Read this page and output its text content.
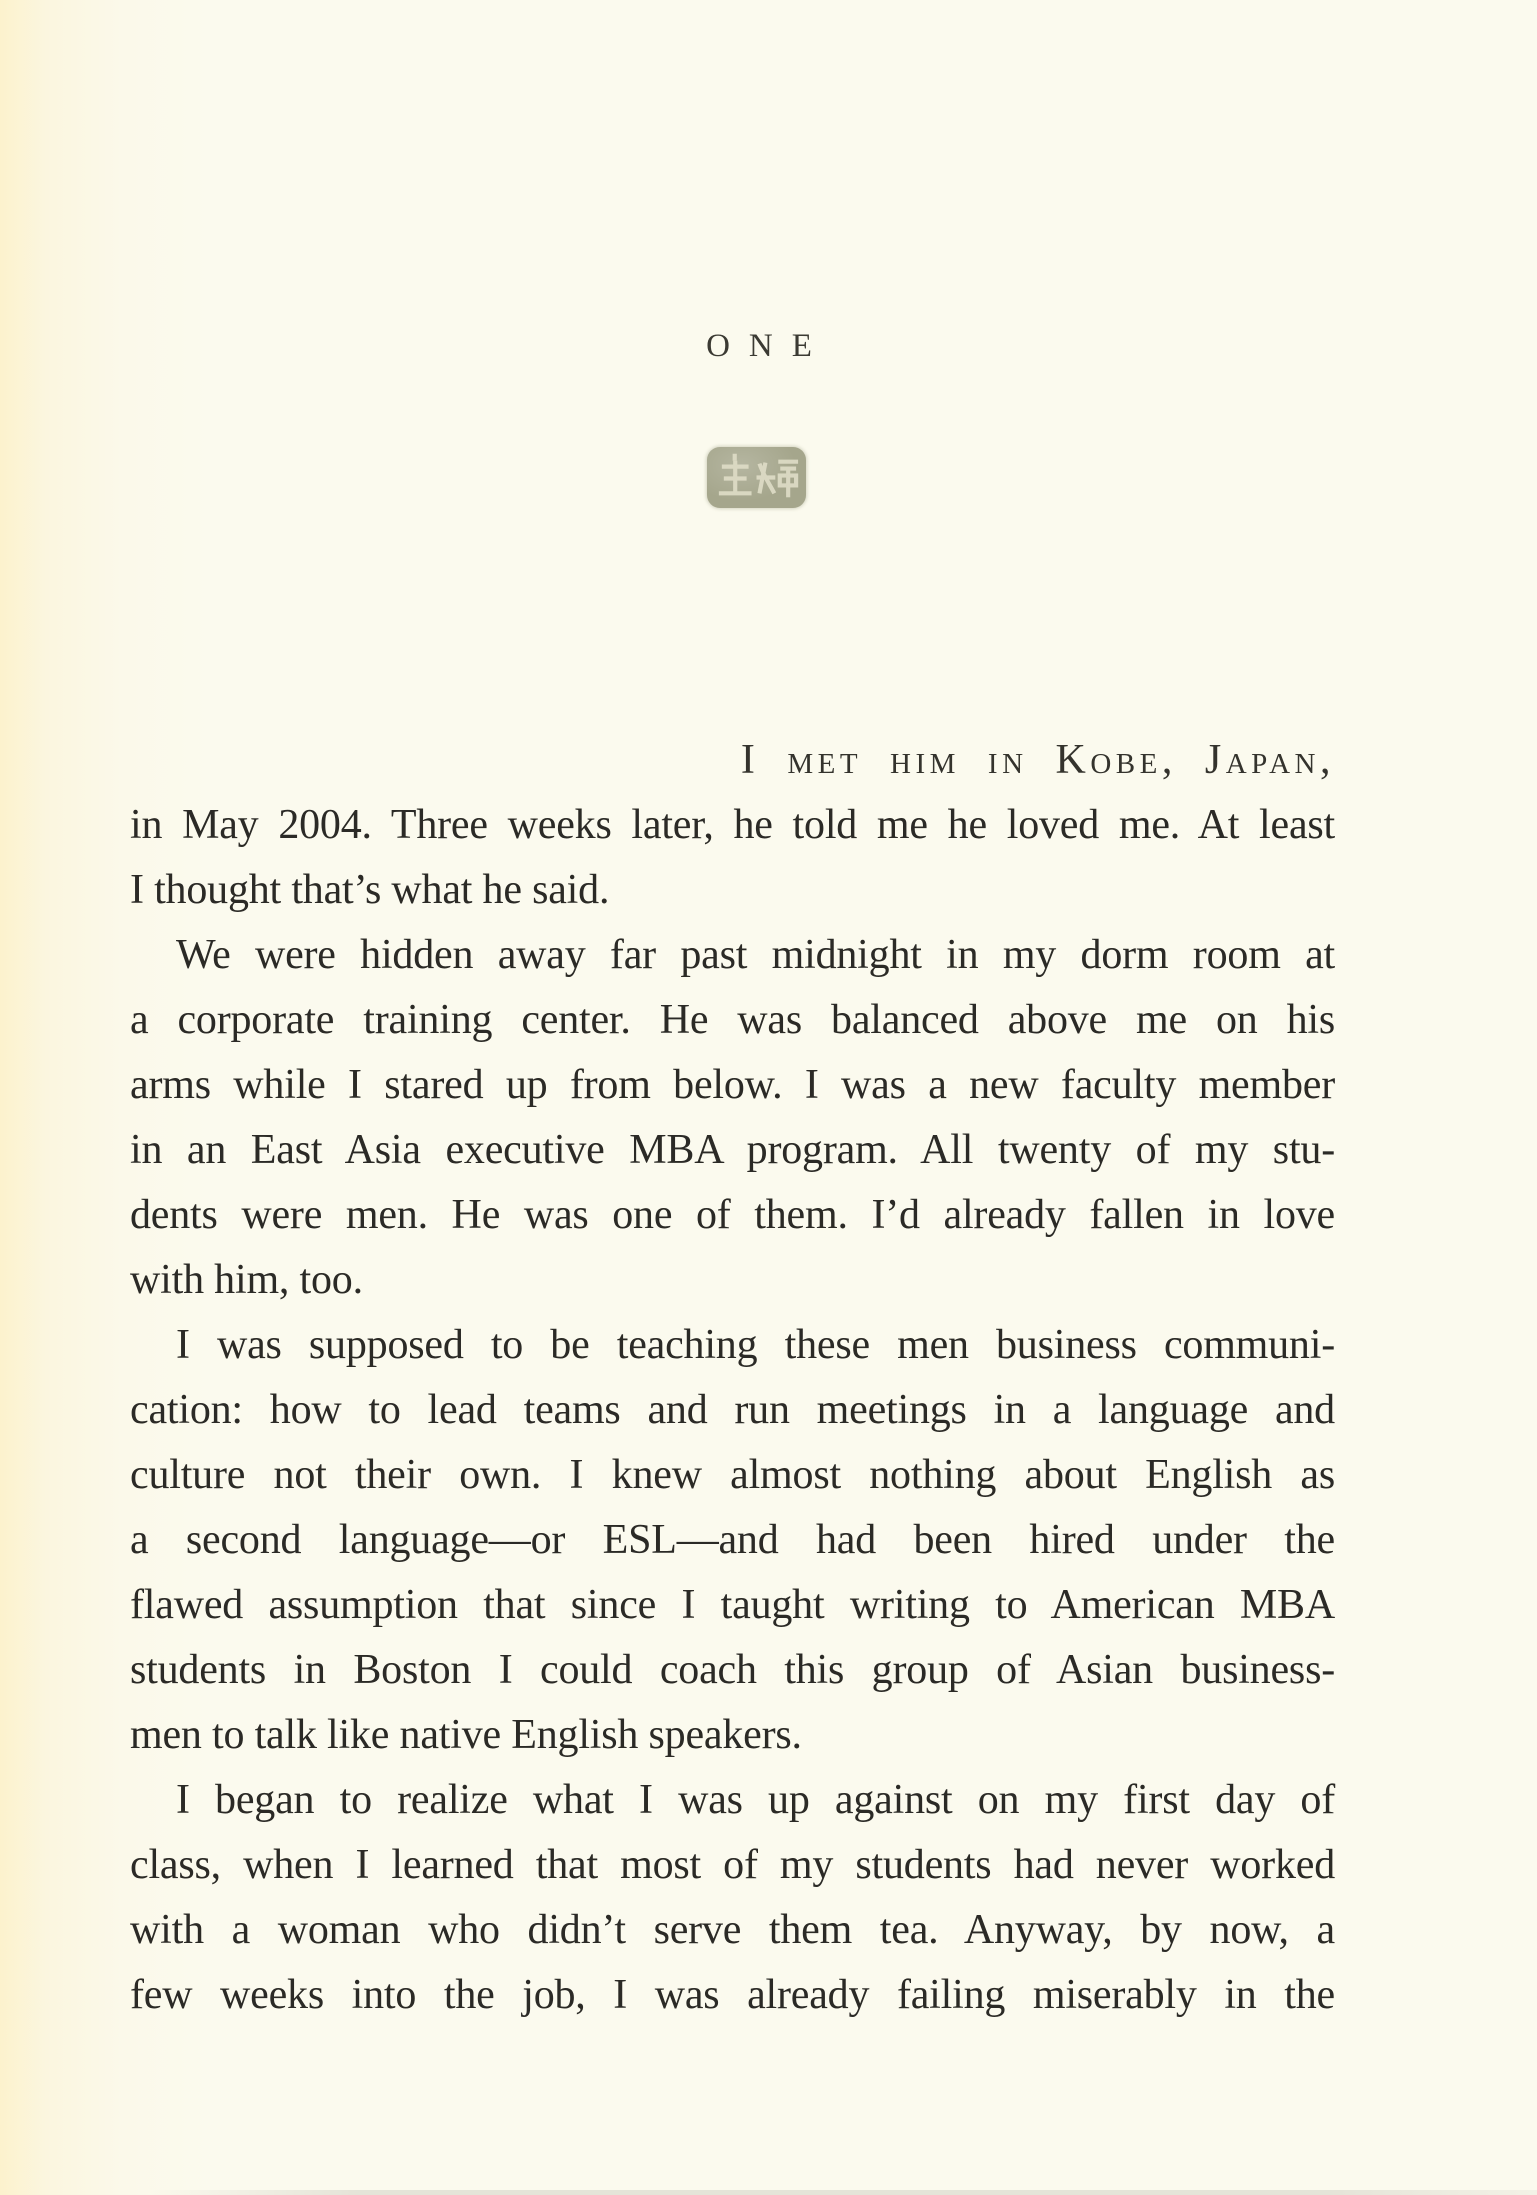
ONE
I met him in Kobe, Japan,
in May 2004. Three weeks later, he told me he loved me. At least
I thought that’s what he said.
We were hidden away far past midnight in my dorm room at
a corporate training center. He was balanced above me on his
arms while I stared up from below. I was a new faculty member
in an East Asia executive MBA program. All twenty of my stu-
dents were men. He was one of them. I’d already fallen in love
with him, too.
I was supposed to be teaching these men business communi-
cation: how to lead teams and run meetings in a language and
culture not their own. I knew almost nothing about English as
a second language—or ESL—and had been hired under the
flawed assumption that since I taught writing to American MBA
students in Boston I could coach this group of Asian business-
men to talk like native English speakers.
I began to realize what I was up against on my first day of
class, when I learned that most of my students had never worked
with a woman who didn’t serve them tea. Anyway, by now, a
few weeks into the job, I was already failing miserably in the
